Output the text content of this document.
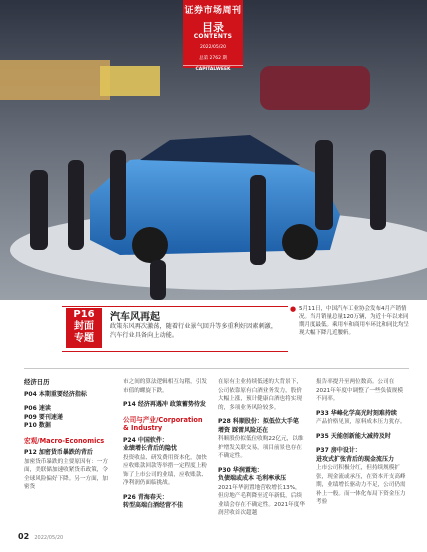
证券市场周刊
目录
CONTENTS
2022/05/20
总第 2762 期
CAPITALWEEK
P16
封面
专题
汽车风再起
政策东风再次激荡，随着行业景气回升等多重利好因素刺激，汽车行业具备向上动能。
● 5月11日，中国汽车工业协会发布4月产销情况。当月销量总量120万辆，为近十年以来同期月度最低。乘用车和商用车环比和同比均呈现大幅下降几近腰斩。
经济日历
P04 本期重要经济指标
P06 速读
P09 要刊速递
P10 数据
宏观/Macro-Economics
P12 加密货币暴跌的背后
加密货币暴跌的主要原因有：一方面，美联储加速收紧货币政策，令全球风险偏好下降。另一方面，加密货
市之间的算法逻辑相互勾稽，引发市值的螺旋下跌。
P14 经济再遇冲 政策蓄势待发
公司与产业/Corporation & Industry
P24 中国软件：
业绩增长背后的隐忧
投资收益、研发费用资本化，加快应收账款回款等举措一定程度上粉饰了上市公司的业绩，应收账款、净利润仍面临挑战。
P26 青海春天：
转型高端白酒经营不佳
在原有主业持续低迷的大背景下，公司依靠原有白酒业务发力，股价大幅上涨，预计健康白酒也将实现的，多项业务风险较多。
P28 科顺股份：拟低位大手笔
增资 踩雷风险还在
科顺股份拟低位收购22亿元，以维护增发关联交易，项目前景也存在不确定性。
P30 华润置地：
负债端或成本 毛利率承压
2021年华润置地营收增长13%，但房地产毛利降至近年新低，后续业绩会存在不确定性。2021年度华润营收首次超越
报告率提升至两位数高。公司在2021年年度中调整了一些负债规模不同率。
P33 华峰化学高光时刻难持续
产品价格见顶，原料成本压力犹存。
P35 天能创新能大减持及时
P37 房中设计：
进攻式扩张背后的现金流压力
上市公司积极分红，但持续规模扩张，现金流或承压，在资本开支高峰期，业绩增长驱动力不足，公司仍需补上一般。而一体化布局下资金压力考验
02 2022/05/20
